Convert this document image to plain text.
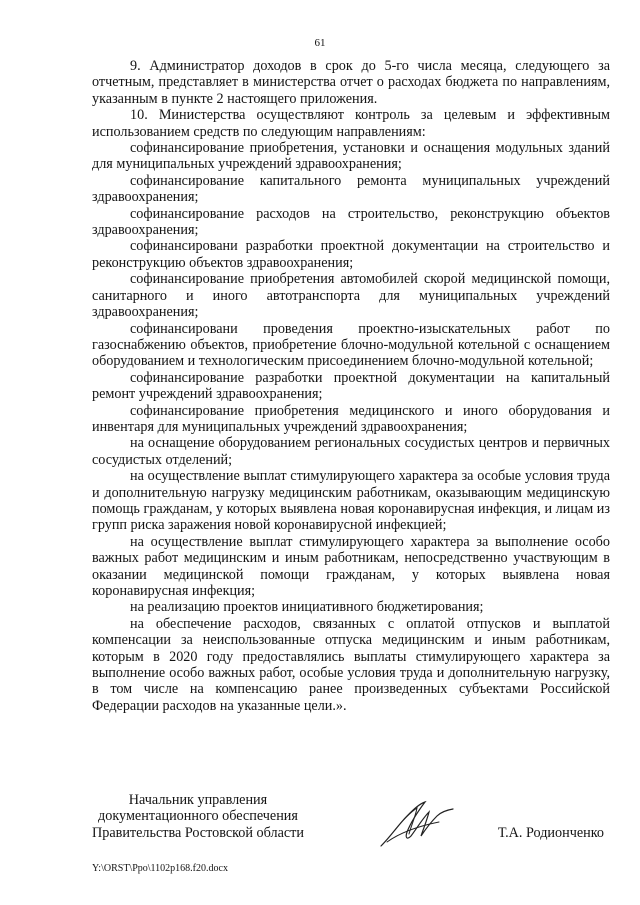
61

9. Администратор доходов в срок до 5-го числа месяца, следующего за отчетным, представляет в министерства отчет о расходах бюджета по направлениям, указанным в пункте 2 настоящего приложения.

10. Министерства осуществляют контроль за целевым и эффективным использованием средств по следующим направлениям:

софинансирование приобретения, установки и оснащения модульных зданий для муниципальных учреждений здравоохранения;

софинансирование капитального ремонта муниципальных учреждений здравоохранения;

софинансирование расходов на строительство, реконструкцию объектов здравоохранения;

софинансировани разработки проектной документации на строительство и реконструкцию объектов здравоохранения;

софинансирование приобретения автомобилей скорой медицинской помощи, санитарного и иного автотранспорта для муниципальных учреждений здравоохранения;

софинансировани проведения проектно-изыскательных работ по газоснабжению объектов, приобретение блочно-модульной котельной с оснащением оборудованием и технологическим присоединением блочно-модульной котельной;

софинансирование разработки проектной документации на капитальный ремонт учреждений здравоохранения;

софинансирование приобретения медицинского и иного оборудования и инвентаря для муниципальных учреждений здравоохранения;

на оснащение оборудованием региональных сосудистых центров и первичных сосудистых отделений;

на осуществление выплат стимулирующего характера за особые условия труда и дополнительную нагрузку медицинским работникам, оказывающим медицинскую помощь гражданам, у которых выявлена новая коронавирусная инфекция, и лицам из групп риска заражения новой коронавирусной инфекцией;

на осуществление выплат стимулирующего характера за выполнение особо важных работ медицинским и иным работникам, непосредственно участвующим в оказании медицинской помощи гражданам, у которых выявлена новая коронавирусная инфекция;

на реализацию проектов инициативного бюджетирования;

на обеспечение расходов, связанных с оплатой отпусков и выплатой компенсации за неиспользованные отпуска медицинским и иным работникам, которым в 2020 году предоставлялись выплаты стимулирующего характера за выполнение особо важных работ, особые условия труда и дополнительную нагрузку, в том числе на компенсацию ранее произведенных субъектами Российской Федерации расходов на указанные цели.».

Начальник управления
документационного обеспечения
Правительства Ростовской области	Т.А. Родионченко
Y:\ORST\Ppo\1102p168.f20.docx
